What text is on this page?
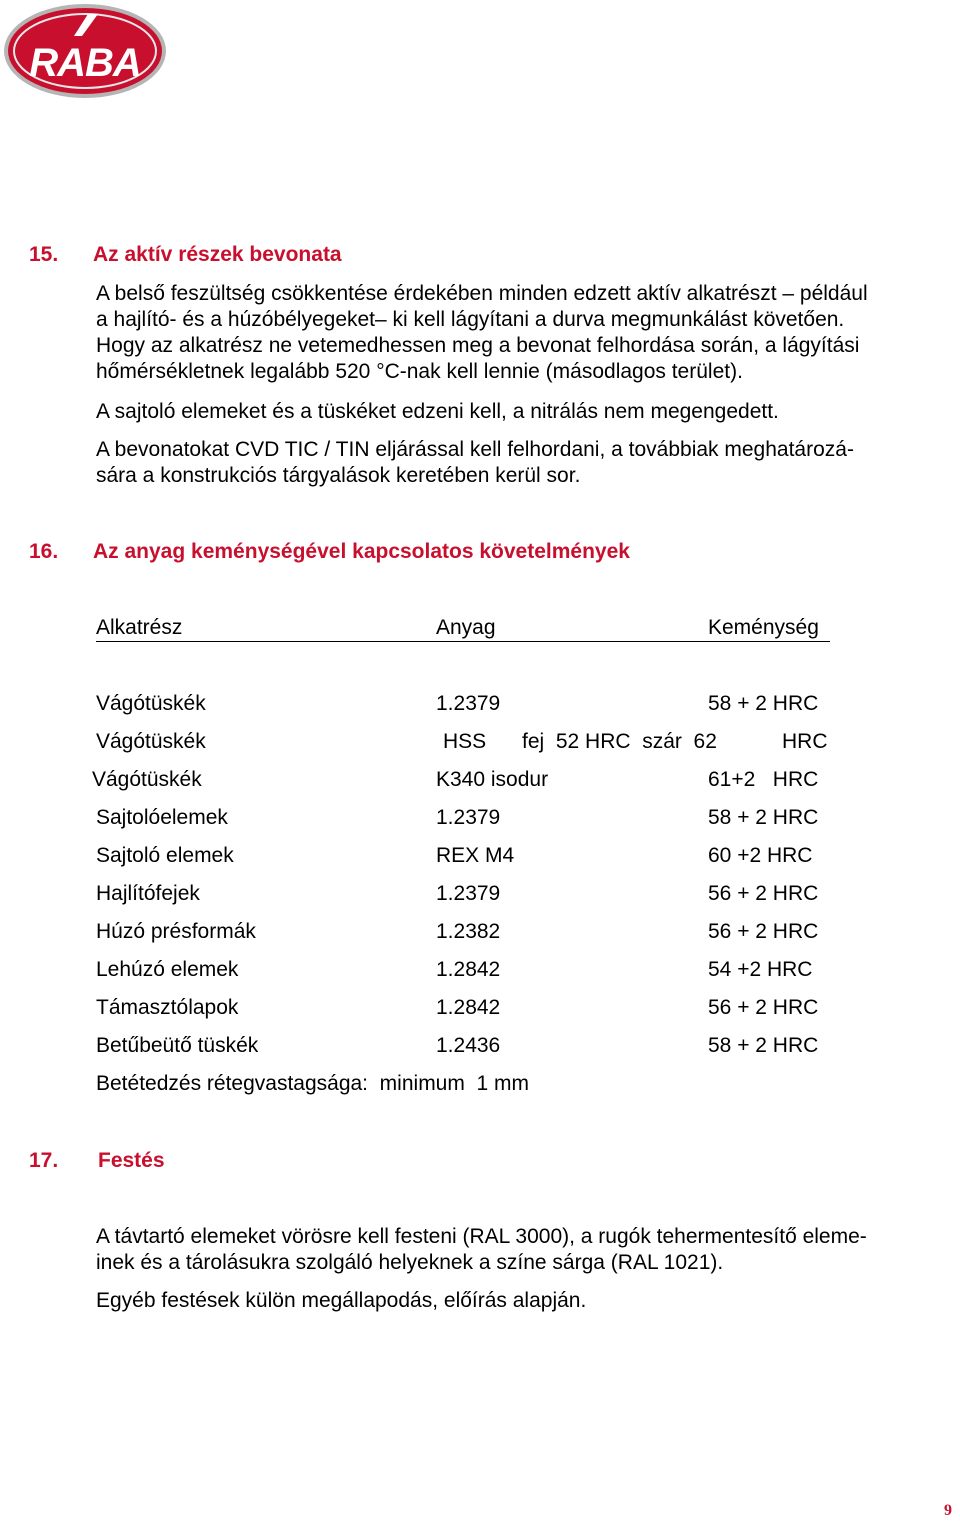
RABA
15. Az aktív részek bevonata
A belső feszültség csökkentése érdekében minden edzett aktív alkatrészt – például
a hajlító- és a húzóbélyegeket– ki kell lágyítani a durva megmunkálást követően.
Hogy az alkatrész ne vetemedhessen meg a bevonat felhordása során, a lágyítási
hőmérsékletnek legalább 520 °C-nak kell lennie (másodlagos terület).
A sajtoló elemeket és a tüskéket edzeni kell, a nitrálás nem megengedett.
A bevonatokat CVD TIC / TIN eljárással kell felhordani, a továbbiak meghatározá-
sára a konstrukciós tárgyalások keretében kerül sor.
16. Az anyag keménységével kapcsolatos követelmények
Alkatrész	Anyag	Keménység
Vágótüskék	1.2379	58 + 2 HRC
Vágótüskék	HSS fej  52 HRC  szár  62	HRC
Vágótüskék	K340 isodur	61+2   HRC
Sajtolóelemek	1.2379	58 + 2 HRC
Sajtoló elemek	REX M4	60 +2 HRC
Hajlítófejek	1.2379	56 + 2 HRC
Húzó présformák	1.2382	56 + 2 HRC
Lehúzó elemek	1.2842	54 +2 HRC
Támasztólapok	1.2842	56 + 2 HRC
Betűbeütő tüskék	1.2436	58 + 2 HRC
Betétedzés rétegvastagsága:  minimum  1 mm
17. Festés
A távtartó elemeket vörösre kell festeni (RAL 3000), a rugók tehermentesítő eleme-
inek és a tárolásukra szolgáló helyeknek a színe sárga (RAL 1021).
Egyéb festések külön megállapodás, előírás alapján.
9
